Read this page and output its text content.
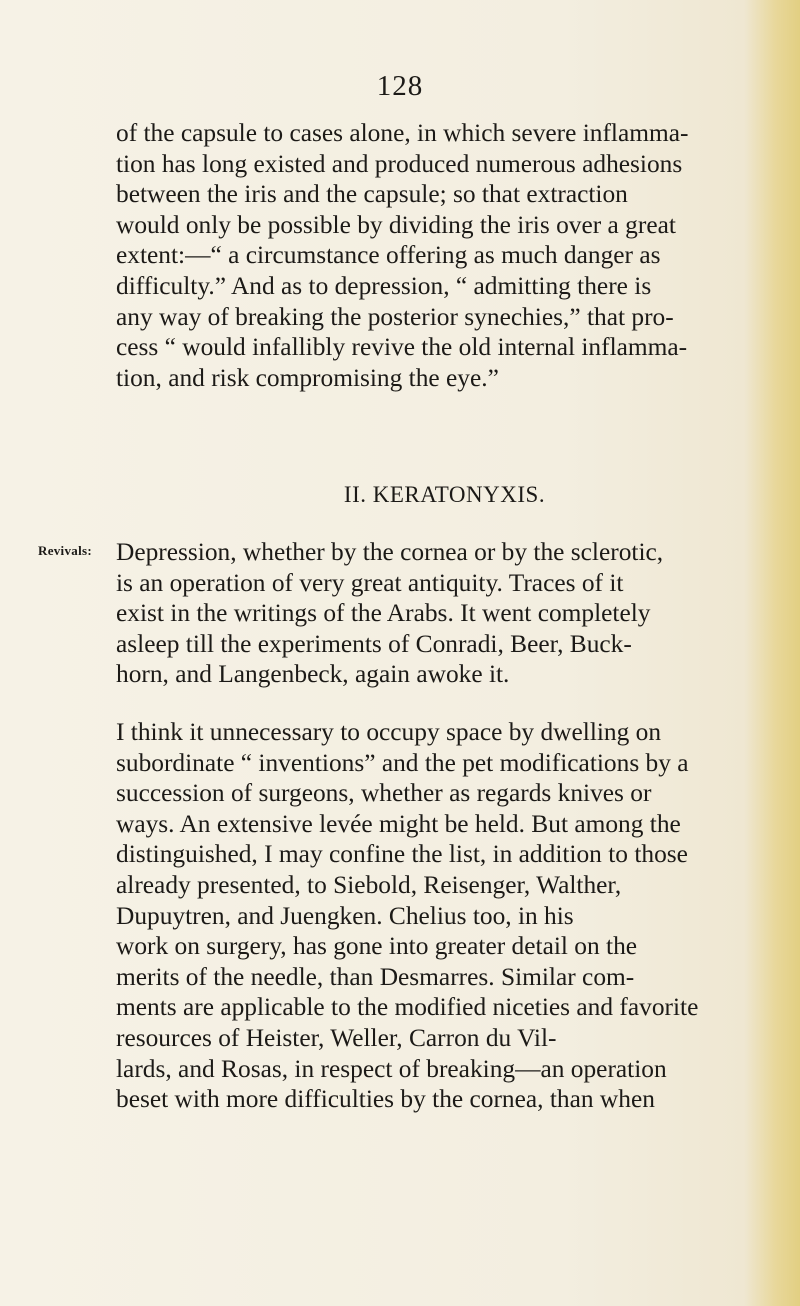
128
of the capsule to cases alone, in which severe inflamma-
tion has long existed and produced numerous adhesions
between the iris and the capsule; so that extraction
would only be possible by dividing the iris over a great
extent:—“ a circumstance offering as much danger as
difficulty.” And as to depression, “ admitting there is
any way of breaking the posterior synechies,” that pro-
cess “ would infallibly revive the old internal inflamma-
tion, and risk compromising the eye.”
II. KERATONYXIS.
Revivals: Depression, whether by the cornea or by the sclerotic,
is an operation of very great antiquity. Traces of it
exist in the writings of the Arabs. It went completely
asleep till the experiments of Conradi, Beer, Buck-
horn, and Langenbeck, again awoke it.
I think it unnecessary to occupy space by dwelling on
subordinate “ inventions” and the pet modifications by a
succession of surgeons, whether as regards knives or
ways. An extensive levée might be held. But among the
distinguished, I may confine the list, in addition to those
already presented, to Siebold, Reisenger, Walther,
Dupuytren, and Juengken. Chelius too, in his
work on surgery, has gone into greater detail on the
merits of the needle, than Desmarres. Similar com-
ments are applicable to the modified niceties and favorite
resources of Heister, Weller, Carron du Vil-
lards, and Rosas, in respect of breaking—an operation
beset with more difficulties by the cornea, than when
